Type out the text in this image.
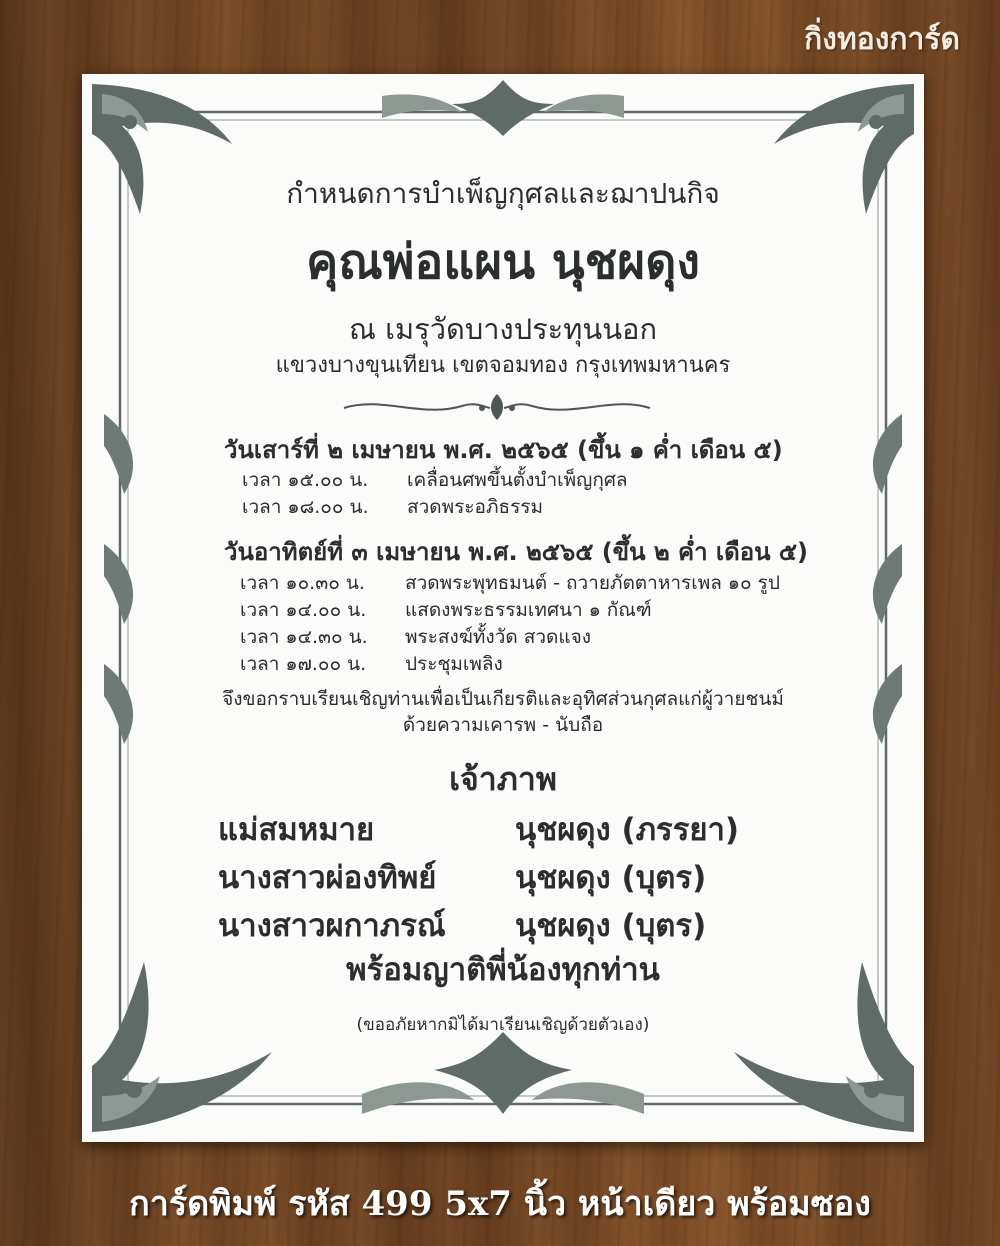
กิ่งทองการ์ด
กำหนดการบำเพ็ญกุศลและฌาปนกิจ
คุณพ่อแผน นุชผดุง
ณ เมรุวัดบางประทุนนอก
แขวงบางขุนเทียน เขตจอมทอง กรุงเทพมหานคร
วันเสาร์ที่ ๒ เมษายน พ.ศ. ๒๕๖๕ (ขึ้น ๑ ค่ำ เดือน ๕)
เวลา ๑๕.๐๐ น. เคลื่อนศพขึ้นตั้งบำเพ็ญกุศล
เวลา ๑๘.๐๐ น. สวดพระอภิธรรม
วันอาทิตย์ที่ ๓ เมษายน พ.ศ. ๒๕๖๕ (ขึ้น ๒ ค่ำ เดือน ๕)
เวลา ๑๐.๓๐ น. สวดพระพุทธมนต์ - ถวายภัตตาหารเพล ๑๐ รูป
เวลา ๑๔.๐๐ น. แสดงพระธรรมเทศนา ๑ กัณฑ์
เวลา ๑๔.๓๐ น. พระสงฆ์ทั้งวัด สวดแจง
เวลา ๑๗.๐๐ น. ประชุมเพลิง
จึงขอกราบเรียนเชิญท่านเพื่อเป็นเกียรติและอุทิศส่วนกุศลแก่ผู้วายชนม์
ด้วยความเคารพ - นับถือ
เจ้าภาพ
แม่สมหมาย	นุชผดุง (ภรรยา)
นางสาวผ่องทิพย์	นุชผดุง (บุตร)
นางสาวผกาภรณ์ นุชผดุง (บุตร)
พร้อมญาติพี่น้องทุกท่าน
(ขออภัยหากมิได้มาเรียนเชิญด้วยตัวเอง)
การ์ดพิมพ์ รหัส 499 5x7 นิ้ว หน้าเดียว พร้อมซอง
